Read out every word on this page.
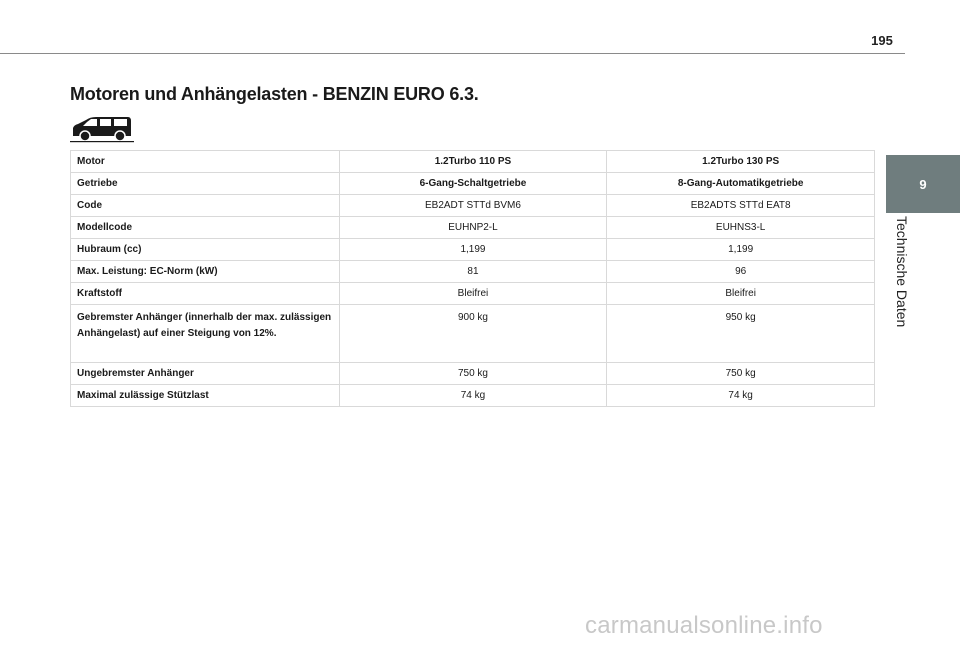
195
Motoren und Anhängelasten - BENZIN EURO 6.3.
Motor	1.2Turbo 110 PS	1.2Turbo 130 PS
Getriebe	6-Gang-Schaltgetriebe	8-Gang-Automatikgetriebe
Code	EB2ADT STTd BVM6	EB2ADTS STTd EAT8
Modellcode	EUHNP2-L	EUHNS3-L
Hubraum (cc)	1,199	1,199
Max. Leistung: EC-Norm (kW)	81	96
Kraftstoff	Bleifrei	Bleifrei
Gebremster Anhänger (innerhalb der max. zulässigen Anhängelast) auf einer Steigung von 12%.	900 kg	950 kg
Ungebremster Anhänger	750 kg	750 kg
Maximal zulässige Stützlast	74 kg	74 kg
9
Technische Daten
carmanualsonline.info
